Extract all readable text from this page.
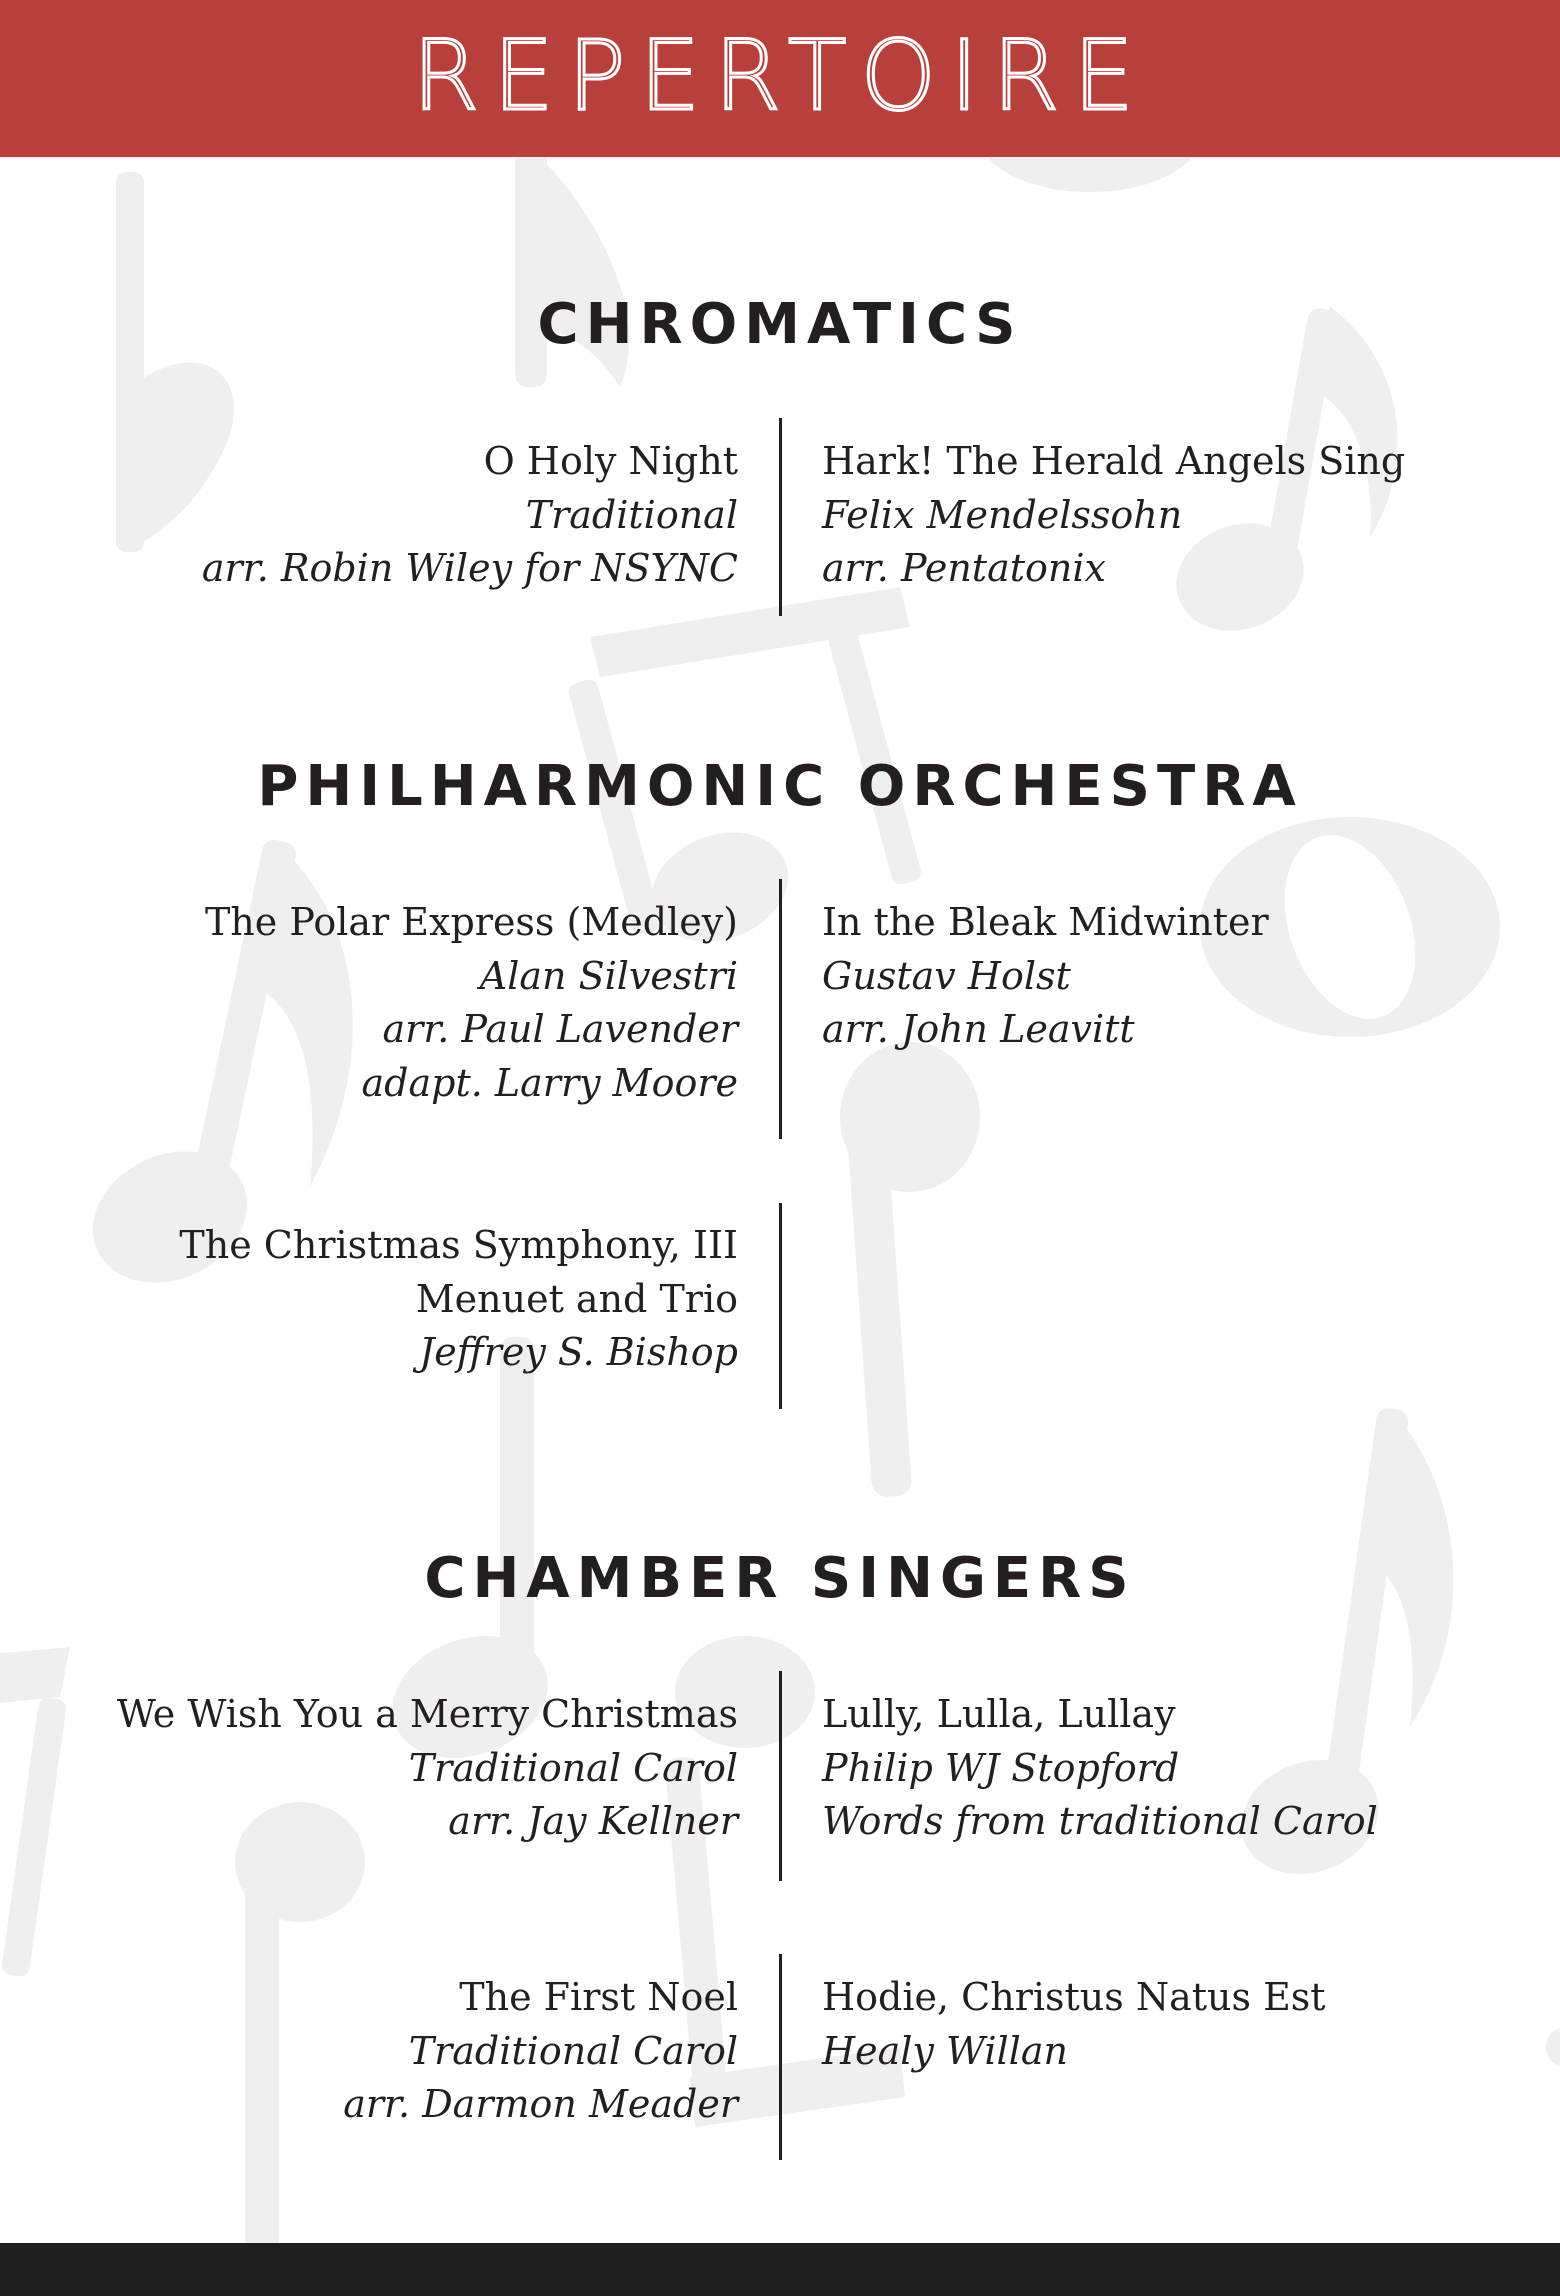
REPERTOIRE
CHROMATICS
O Holy Night
Traditional
arr. Robin Wiley for NSYNC
Hark! The Herald Angels Sing
Felix Mendelssohn
arr. Pentatonix
PHILHARMONIC ORCHESTRA
The Polar Express (Medley)
Alan Silvestri
arr. Paul Lavender
adapt. Larry Moore
In the Bleak Midwinter
Gustav Holst
arr. John Leavitt
The Christmas Symphony, III
Menuet and Trio
Jeffrey S. Bishop
CHAMBER SINGERS
We Wish You a Merry Christmas
Traditional Carol
arr. Jay Kellner
Lully, Lulla, Lullay
Philip WJ Stopford
Words from traditional Carol
The First Noel
Traditional Carol
arr. Darmon Meader
Hodie, Christus Natus Est
Healy Willan
